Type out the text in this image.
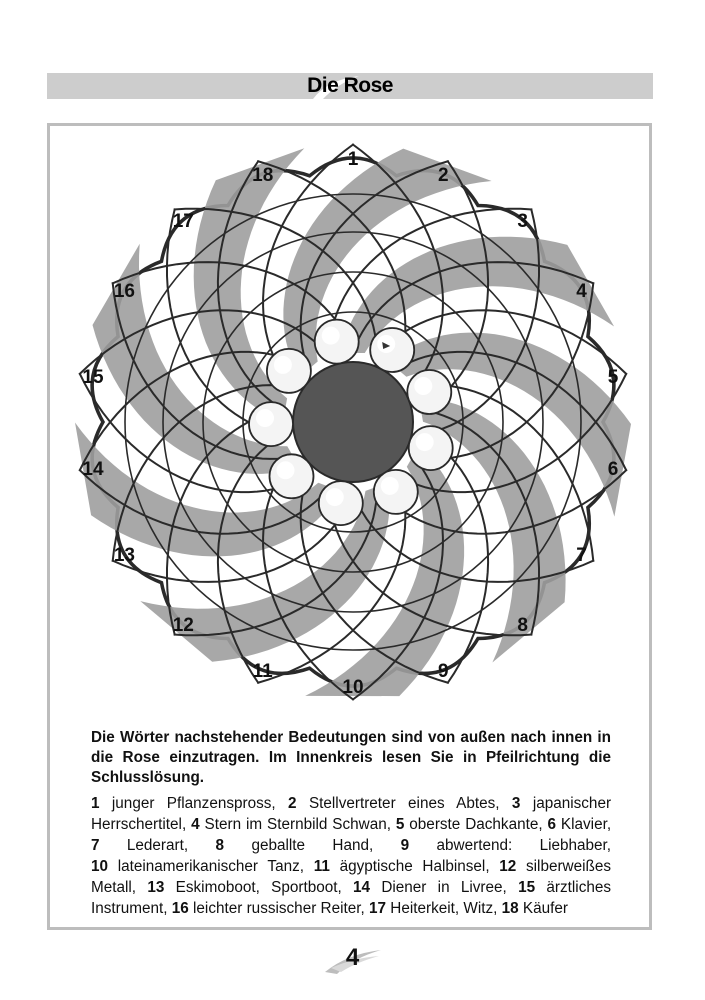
Die Rose
1
2
3
4
5
6
7
8
9
10
11
12
13
14
15
16
17
18
Die Wörter nachstehender Bedeutungen sind von außen nach innen in die Rose einzutragen. Im Innenkreis lesen Sie in Pfeilrichtung die Schlusslösung.
1 junger Pflanzenspross, 2 Stellvertreter eines Abtes, 3 japanischer Herrschertitel, 4 Stern im Sternbild Schwan, 5 oberste Dachkante, 6 Klavier, 7 Lederart, 8 geballte Hand, 9 abwertend: Liebhaber, 10 lateinamerikanischer Tanz, 11 ägyptische Halbinsel, 12 silberweißes Metall, 13 Eskimoboot, Sportboot, 14 Diener in Livree, 15 ärztliches Instrument, 16 leichter russischer Reiter, 17 Heiterkeit, Witz, 18 Käufer
4
